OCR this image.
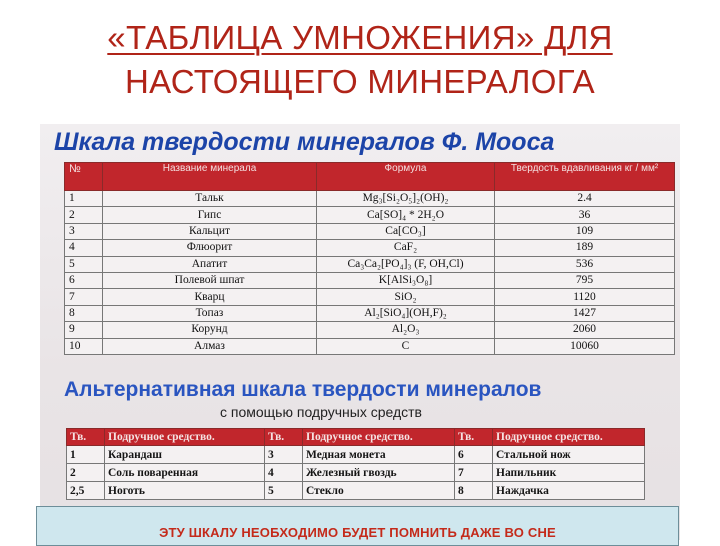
«ТАБЛИЦА УМНОЖЕНИЯ» ДЛЯ
НАСТОЯЩЕГО МИНЕРАЛОГА
Шкала твердости минералов Ф. Мооса
№	Название минерала	Формула	Твердость вдавливания кг / мм²
1	Тальк	Mg₃[Si₂O₅]₂(OH)₂	2.4
2	Гипс	Ca[SO]₄ * 2H₂O	36
3	Кальцит	Ca[CO₃]	109
4	Флюорит	CaF₂	189
5	Апатит	Ca₃Ca₂[PO₄]₃ (F, OH,Cl)	536
6	Полевой шпат	K[AlSi₃O₈]	795
7	Кварц	SiO₂	1120
8	Топаз	Al₂[SiO₄](OH,F)₂	1427
9	Корунд	Al₂O₃	2060
10	Алмаз	C	10060
Альтернативная шкала твердости минералов
с помощью подручных средств
Тв.	Подручное средство.	Тв.	Подручное средство.	Тв.	Подручное средство.
1	Карандаш	3	Медная монета	6	Стальной нож
2	Соль поваренная	4	Железный гвоздь	7	Напильник
2,5	Ноготь	5	Стекло	8	Наждачка
ЭТУ ШКАЛУ НЕОБХОДИМО БУДЕТ ПОМНИТЬ ДАЖЕ ВО СНЕ
